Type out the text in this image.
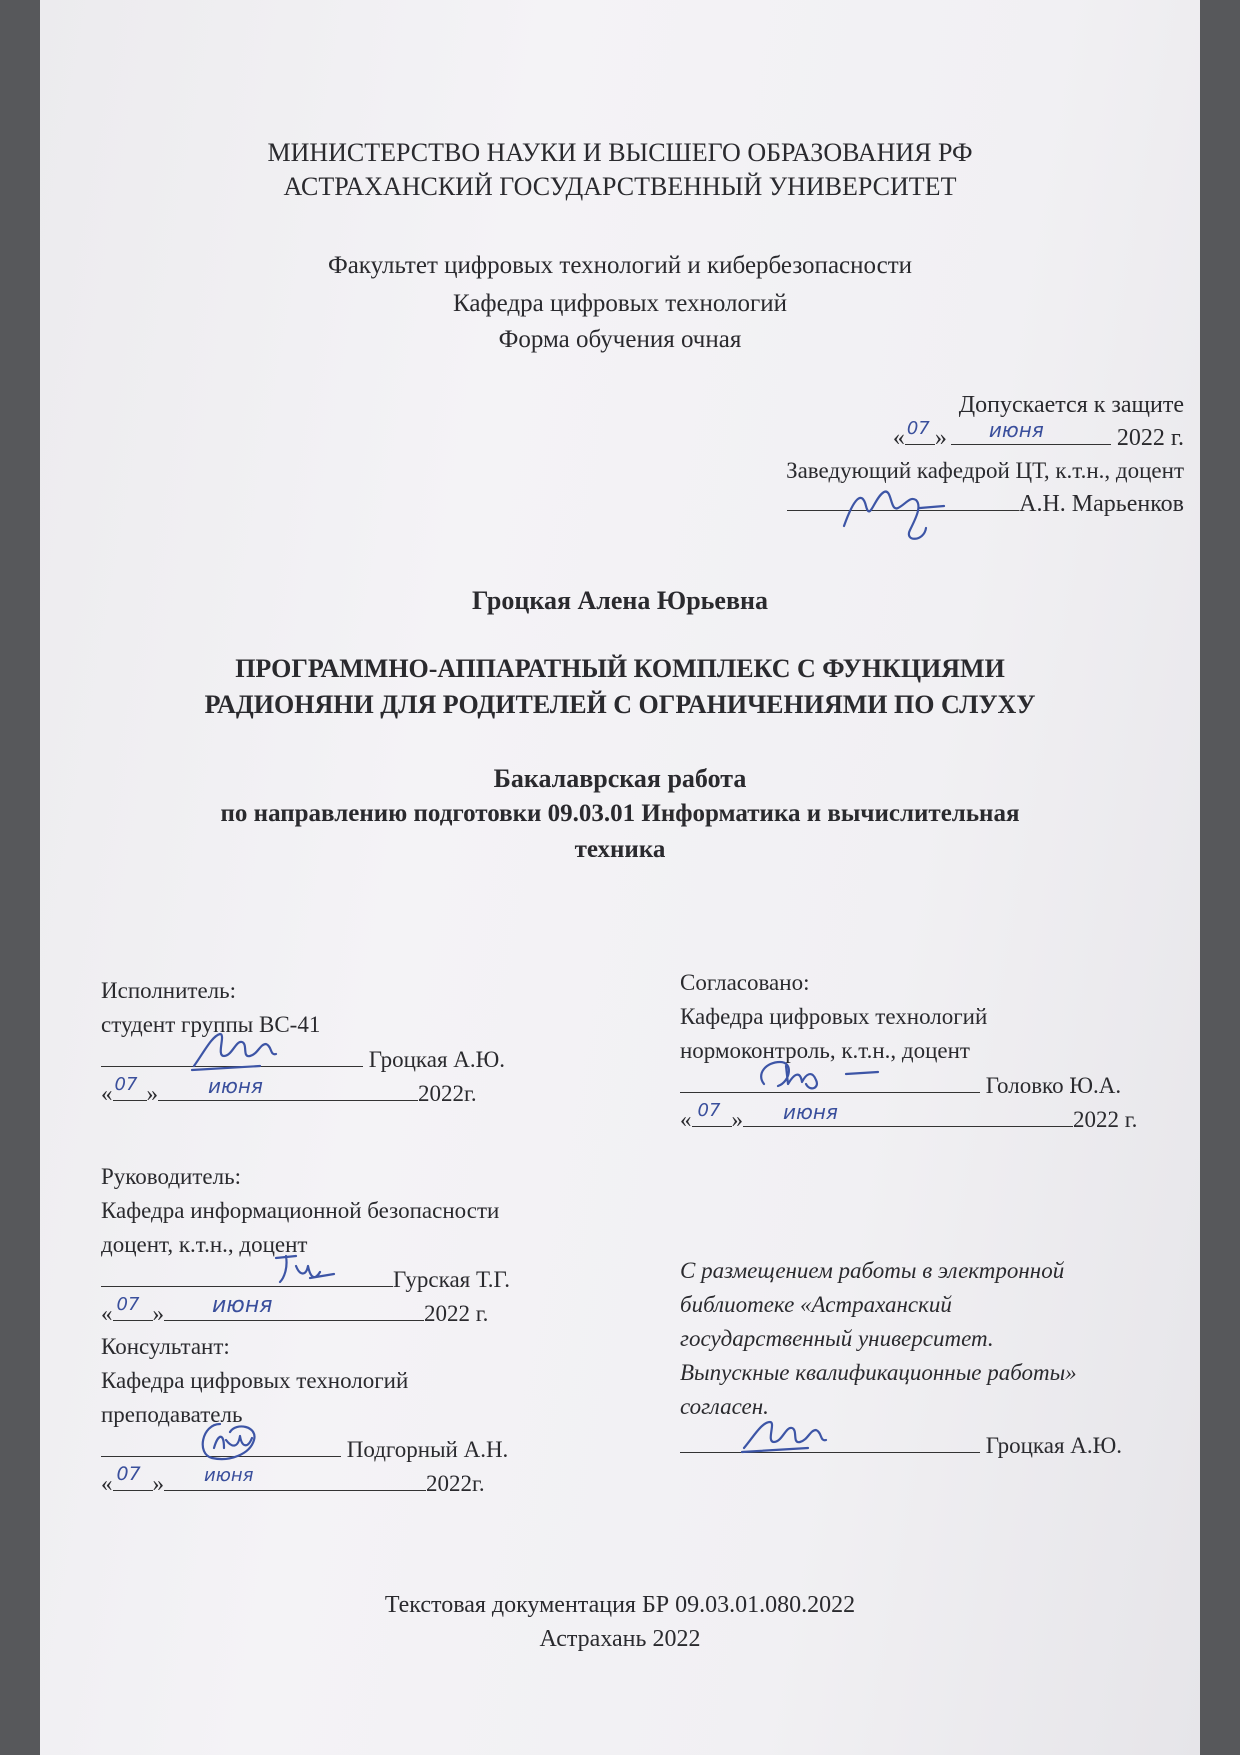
МИНИСТЕРСТВО НАУКИ И ВЫСШЕГО ОБРАЗОВАНИЯ РФ
АСТРАХАНСКИЙ ГОСУДАРСТВЕННЫЙ УНИВЕРСИТЕТ
Факультет цифровых технологий и кибербезопасности
Кафедра цифровых технологий
Форма обучения очная
Допускается к защите
« 07 » июня	2022 г.
Заведующий кафедрой ЦТ, к.т.н., доцент
А.Н. Марьенков
Гроцкая Алена Юрьевна
ПРОГРАММНО-АППАРАТНЫЙ КОМПЛЕКС С ФУНКЦИЯМИ
РАДИОНЯНИ ДЛЯ РОДИТЕЛЕЙ С ОГРАНИЧЕНИЯМИ ПО СЛУХУ
Бакалаврская работа
по направлению подготовки 09.03.01 Информатика и вычислительная
техника
Исполнитель:
студент группы ВС-41
Гроцкая А.Ю.
« 07 »	июня	2022г.
Согласовано:
Кафедра цифровых технологий
нормоконтроль, к.т.н., доцент
Головко Ю.А.
« 07 » июня	2022 г.
Руководитель:
Кафедра информационной безопасности
доцент, к.т.н., доцент
Гурская Т.Г.
« 07 » июня	2022 г.
Консультант:
Кафедра цифровых технологий
преподаватель
Подгорный А.Н.
« 07 » июня	2022г.
С размещением работы в электронной
библиотеке «Астраханский
государственный университет.
Выпускные квалификационные работы»
согласен.
Гроцкая А.Ю.
Текстовая документация БР 09.03.01.080.2022
Астрахань 2022
